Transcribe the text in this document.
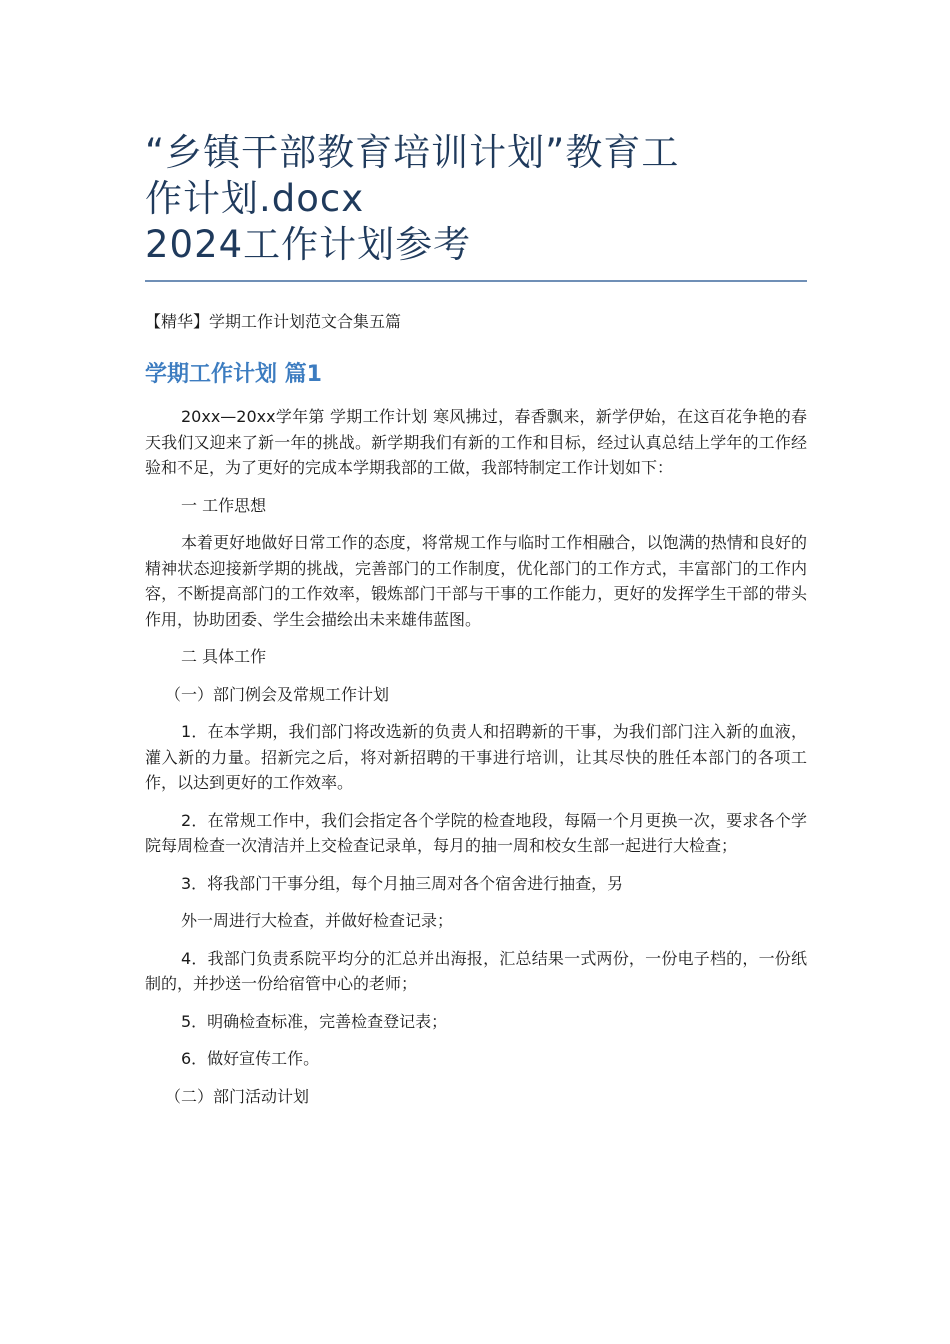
“乡镇干部教育培训计划”教育工
作计划.docx
2024工作计划参考
【精华】学期工作计划范文合集五篇
学期工作计划 篇1

20xx—20xx学年第 学期工作计划 寒风拂过，春香飘来，新学伊始，在这百花争艳的春天我们又迎来了新一年的挑战。新学期我们有新的工作和目标，经过认真总结上学年的工作经验和不足，为了更好的完成本学期我部的工做，我部特制定工作计划如下：

一 工作思想

本着更好地做好日常工作的态度，将常规工作与临时工作相融合，以饱满的热情和良好的精神状态迎接新学期的挑战，完善部门的工作制度，优化部门的工作方式，丰富部门的工作内容，不断提高部门的工作效率，锻炼部门干部与干事的工作能力，更好的发挥学生干部的带头作用，协助团委、学生会描绘出未来雄伟蓝图。

二 具体工作

（一）部门例会及常规工作计划

1．在本学期，我们部门将改选新的负责人和招聘新的干事，为我们部门注入新的血液，灌入新的力量。招新完之后，将对新招聘的干事进行培训，让其尽快的胜任本部门的各项工作，以达到更好的工作效率。

2．在常规工作中，我们会指定各个学院的检查地段，每隔一个月更换一次，要求各个学院每周检查一次清洁并上交检查记录单，每月的抽一周和校女生部一起进行大检查；

3．将我部门干事分组，每个月抽三周对各个宿舍进行抽查，另

外一周进行大检查，并做好检查记录；

4．我部门负责系院平均分的汇总并出海报，汇总结果一式两份，一份电子档的，一份纸制的，并抄送一份给宿管中心的老师；

5．明确检查标准，完善检查登记表；

6．做好宣传工作。

（二）部门活动计划
